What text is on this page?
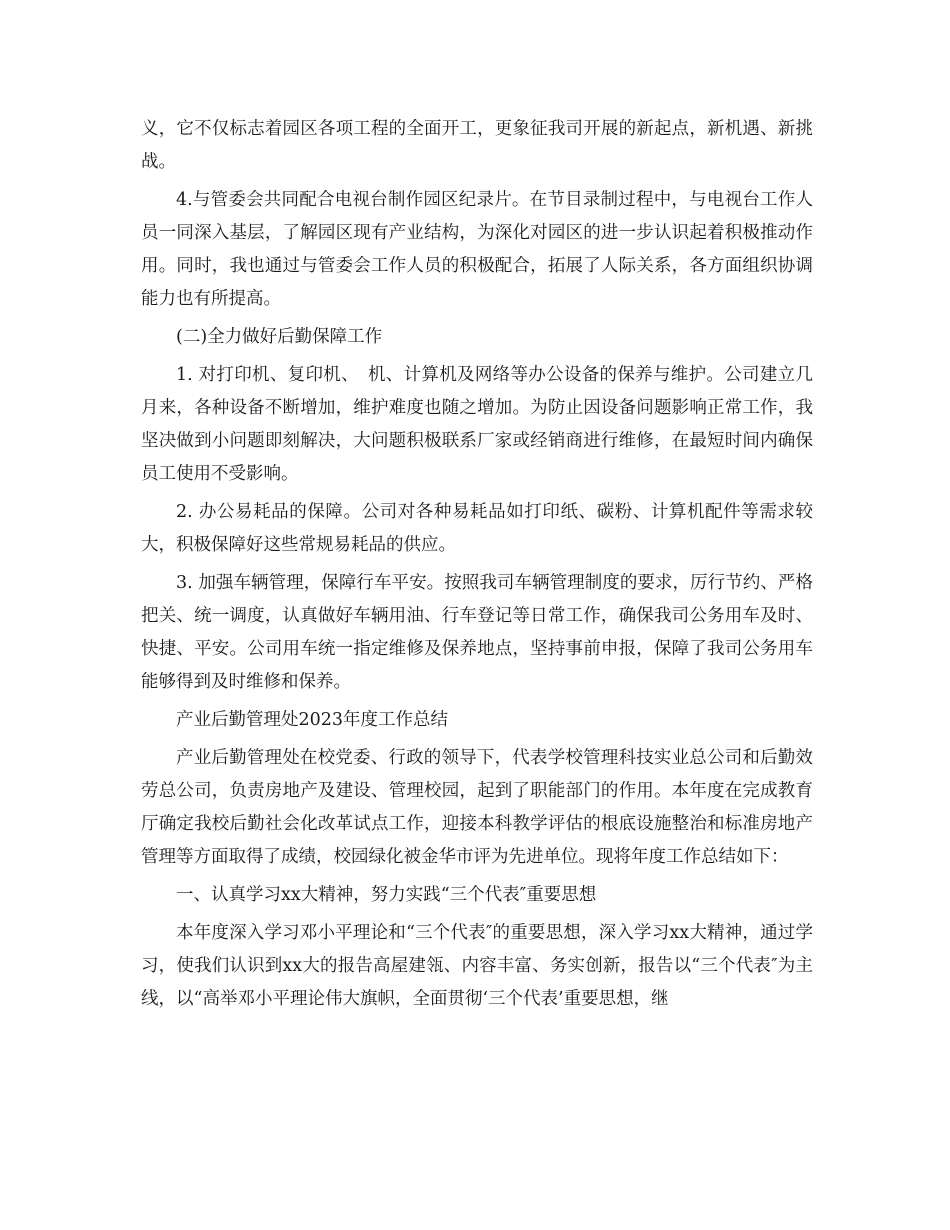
义，它不仅标志着园区各项工程的全面开工，更象征我司开展的新起点，新机遇、新挑战。

4.与管委会共同配合电视台制作园区纪录片。在节目录制过程中，与电视台工作人员一同深入基层，了解园区现有产业结构，为深化对园区的进一步认识起着积极推动作用。同时，我也通过与管委会工作人员的积极配合，拓展了人际关系，各方面组织协调能力也有所提高。

(二)全力做好后勤保障工作

1. 对打印机、复印机、　机、计算机及网络等办公设备的保养与维护。公司建立几月来，各种设备不断增加，维护难度也随之增加。为防止因设备问题影响正常工作，我坚决做到小问题即刻解决，大问题积极联系厂家或经销商进行维修，在最短时间内确保员工使用不受影响。

2. 办公易耗品的保障。公司对各种易耗品如打印纸、碳粉、计算机配件等需求较大，积极保障好这些常规易耗品的供应。

3. 加强车辆管理，保障行车平安。按照我司车辆管理制度的要求，厉行节约、严格把关、统一调度，认真做好车辆用油、行车登记等日常工作，确保我司公务用车及时、快捷、平安。公司用车统一指定维修及保养地点，坚持事前申报，保障了我司公务用车能够得到及时维修和保养。

产业后勤管理处2023年度工作总结

产业后勤管理处在校党委、行政的领导下，代表学校管理科技实业总公司和后勤效劳总公司，负责房地产及建设、管理校园，起到了职能部门的作用。本年度在完成教育厅确定我校后勤社会化改革试点工作，迎接本科教学评估的根底设施整治和标准房地产管理等方面取得了成绩，校园绿化被金华市评为先进单位。现将年度工作总结如下：

一、认真学习xx大精神，努力实践“三个代表″重要思想

本年度深入学习邓小平理论和“三个代表″的重要思想，深入学习xx大精神，通过学习，使我们认识到xx大的报告高屋建瓴、内容丰富、务实创新，报告以“三个代表″为主线，以“高举邓小平理论伟大旗帜，全面贯彻‘三个代表’重要思想，继
